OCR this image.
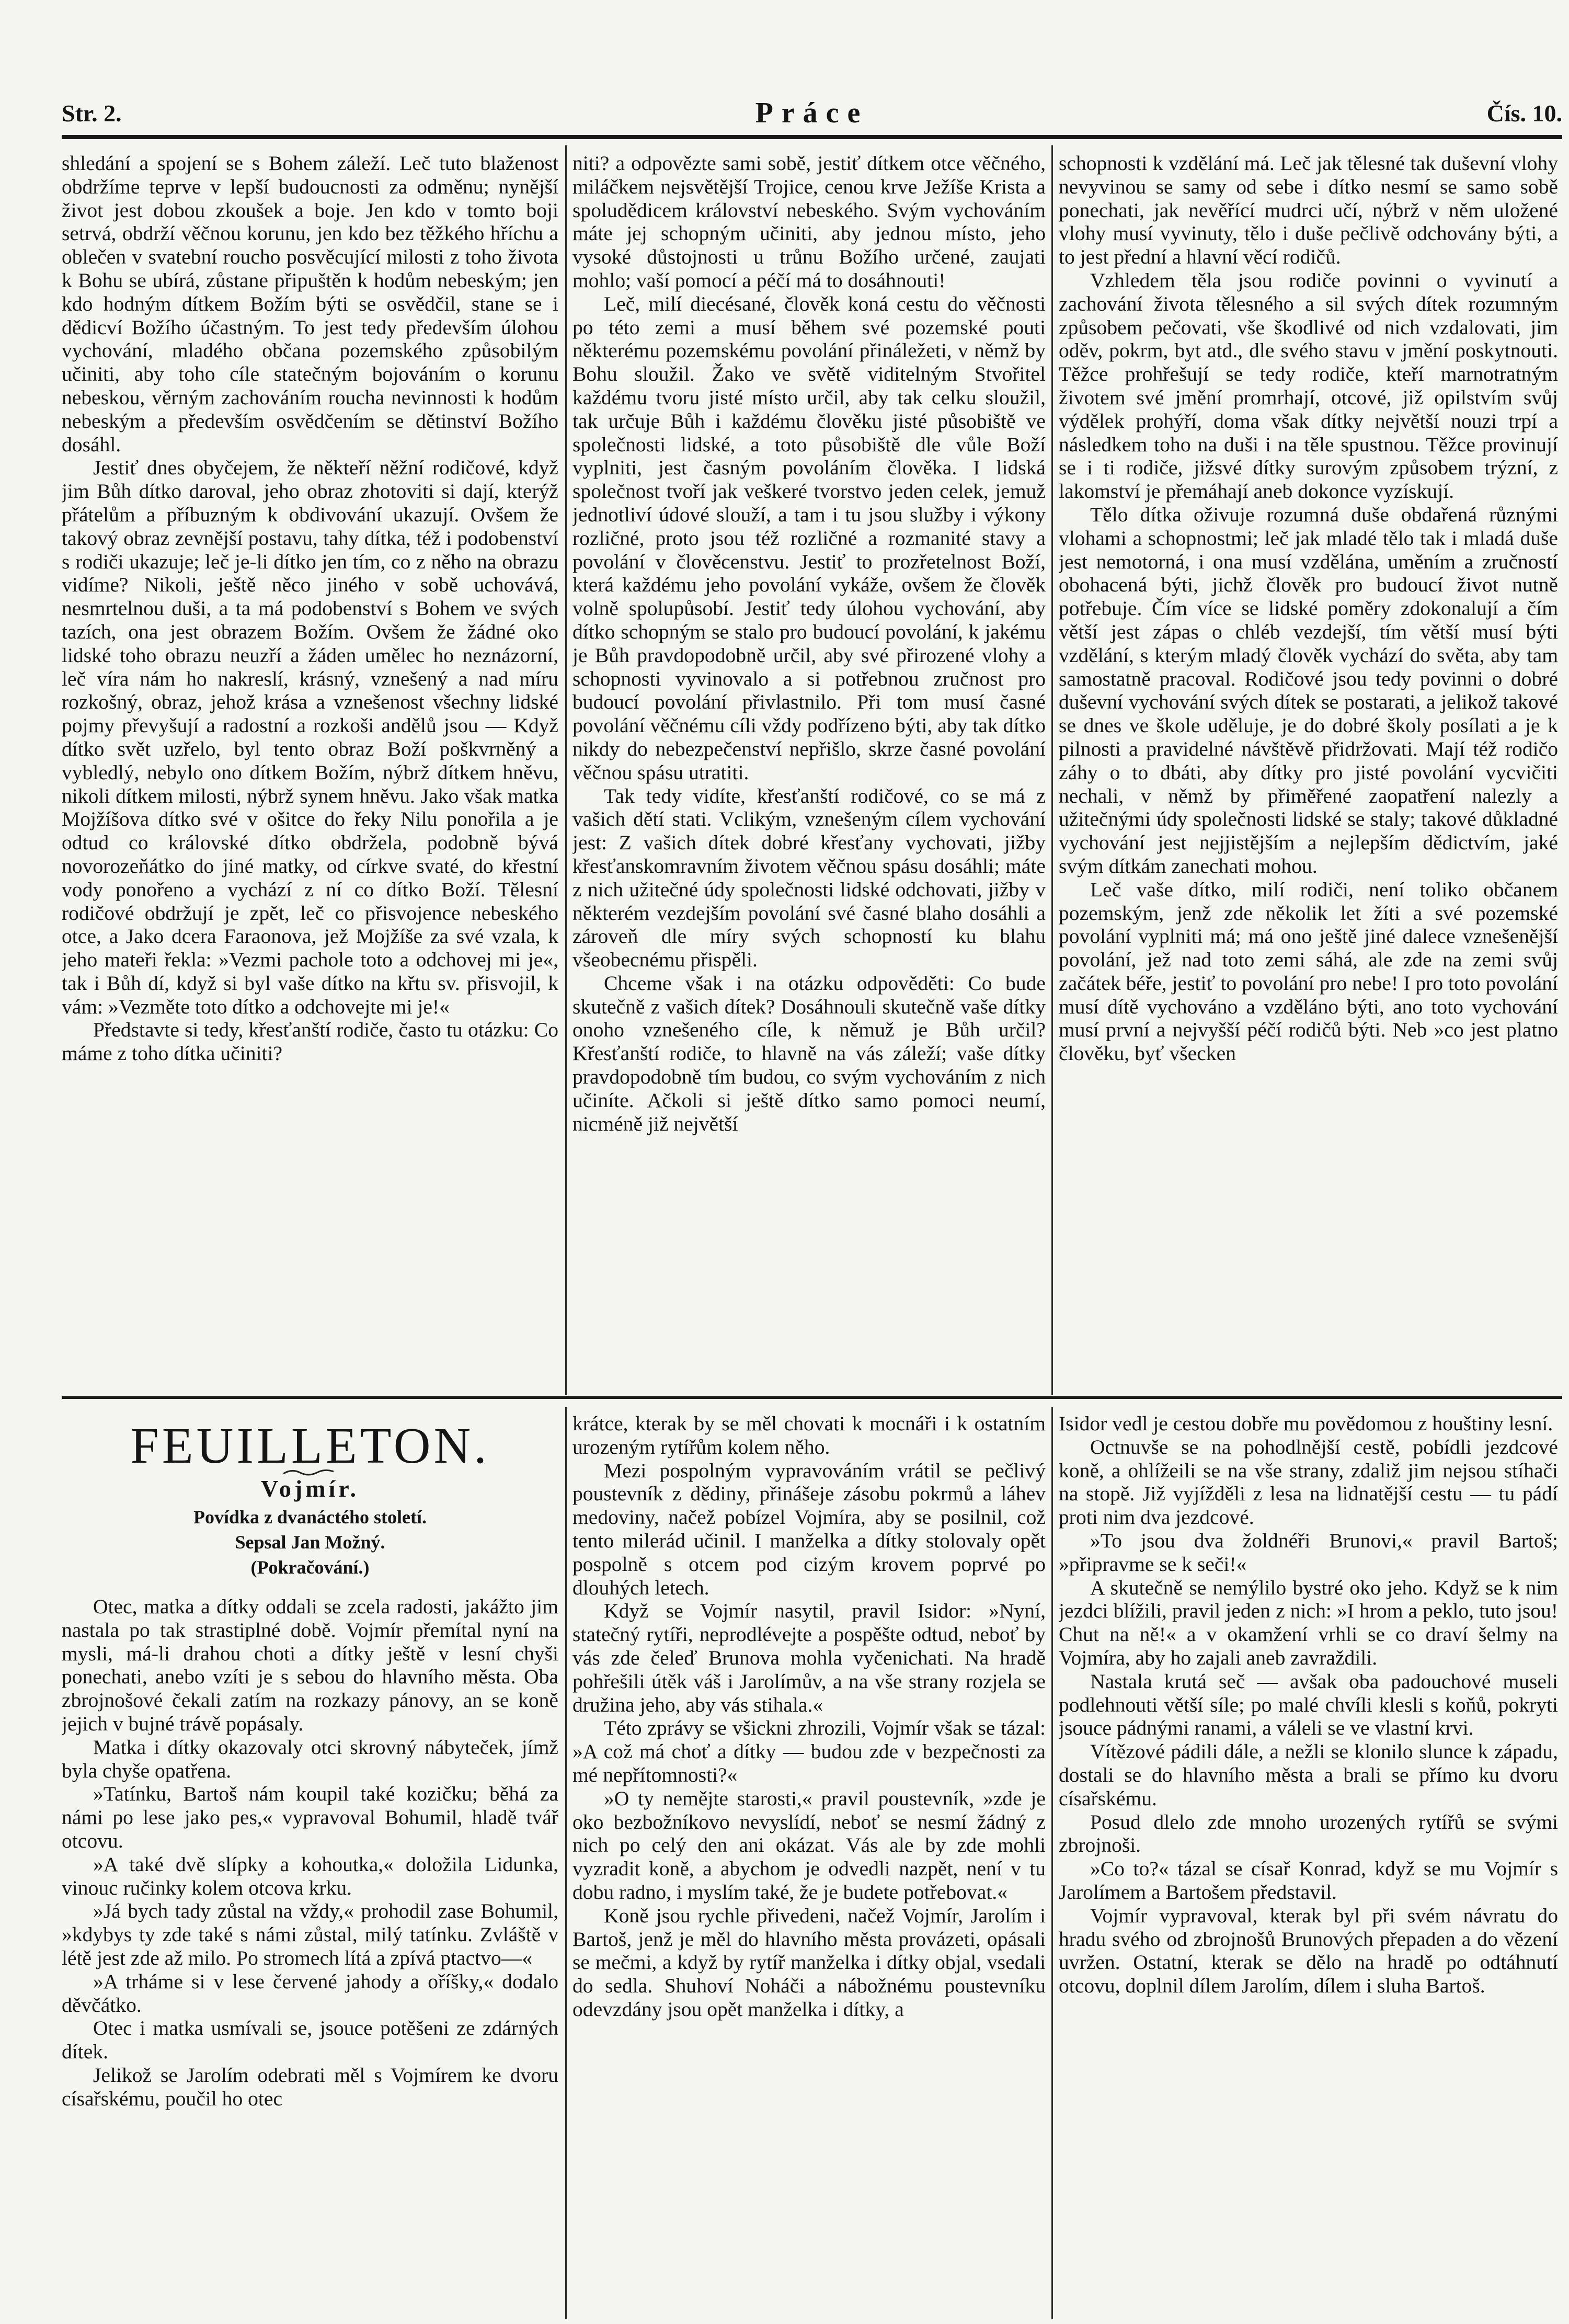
Str. 2.	Práce	Čís. 10.

shledání a spojení se s Bohem záleží. Leč tuto blaženost obdržíme teprve v lepší budoucnosti za odměnu; nynější život jest dobou zkoušek a boje. Jen kdo v tomto boji setrvá, obdrží věčnou korunu, jen kdo bez těžkého hříchu a oblečen v svatební roucho posvěcující milosti z toho života k Bohu se ubírá, zůstane připuštěn k hodům nebeským; jen kdo hodným dítkem Božím býti se osvědčil, stane se i dědicví Božího účastným. To jest tedy především úlohou vychování, mladého občana pozemského způsobilým učiniti, aby toho cíle statečným bojováním o korunu nebeskou, věrným zachováním roucha nevinnosti k hodům nebeským a především osvědčením se dětinství Božího dosáhl.

Jestiť dnes obyčejem, že někteří něžní rodičové, když jim Bůh dítko daroval, jeho obraz zhotoviti si dají, kterýž přátelům a příbuzným k obdivování ukazují. Ovšem že takový obraz zevnější postavu, tahy dítka, též i podobenství s rodiči ukazuje; leč je-li dítko jen tím, co z něho na obrazu vidíme? Nikoli, ještě něco jiného v sobě uchovává, nesmrtelnou duši, a ta má podobenství s Bohem ve svých tazích, ona jest obrazem Božím. Ovšem že žádné oko lidské toho obrazu neuzří a žáden umělec ho neznázorní, leč víra nám ho nakreslí, krásný, vznešený a nad míru rozkošný, obraz, jehož krása a vznešenost všechny lidské pojmy převyšují a radostní a rozkoši andělů jsou — Když dítko svět uzřelo, byl tento obraz Boží poškvrněný a vybledlý, nebylo ono dítkem Božím, nýbrž dítkem hněvu, nikoli dítkem milosti, nýbrž synem hněvu. Jako však matka Mojžíšova dítko své v ošitce do řeky Nilu ponořila a je odtud co královské dítko obdržela, podobně bývá novorozeňátko do jiné matky, od církve svaté, do křestní vody ponořeno a vychází z ní co dítko Boží. Tělesní rodičové obdržují je zpět, leč co přisvojence nebeského otce, a Jako dcera Faraonova, jež Mojžíše za své vzala, k jeho mateři řekla: »Vezmi pachole toto a odchovej mi je«, tak i Bůh dí, když si byl vaše dítko na křtu sv. přisvojil, k vám: »Vezměte toto dítko a odchovejte mi je!«

Představte si tedy, křesťanští rodiče, často tu otázku: Co máme z toho dítka učiniti?

niti? a odpovězte sami sobě, jestiť dítkem otce věčného, miláčkem nejsvětější Trojice, cenou krve Ježíše Krista a spoludědicem království nebeského. Svým vychováním máte jej schopným učiniti, aby jednou místo, jeho vysoké důstojnosti u trůnu Božího určené, zaujati mohlo; vaší pomocí a péčí má to dosáhnouti!

Leč, milí diecésané, člověk koná cestu do věčnosti po této zemi a musí během své pozemské pouti některému pozemskému povolání přináležeti, v němž by Bohu sloužil. Žako ve světě viditelným Stvořitel každému tvoru jisté místo určil, aby tak celku sloužil, tak určuje Bůh i každému člověku jisté působiště ve společnosti lidské, a toto působiště dle vůle Boží vyplniti, jest časným povoláním člověka. I lidská společnost tvoří jak veškeré tvorstvo jeden celek, jemuž jednotliví údové slouží, a tam i tu jsou služby i výkony rozličné, proto jsou též rozličné a rozmanité stavy a povolání v člověcenstvu. Jestiť to prozřetelnost Boží, která každému jeho povolání vykáže, ovšem že člověk volně spolupůsobí. Jestiť tedy úlohou vychování, aby dítko schopným se stalo pro budoucí povolání, k jakému je Bůh pravdopodobně určil, aby své přirozené vlohy a schopnosti vyvinovalo a si potřebnou zručnost pro budoucí povolání přivlastnilo. Při tom musí časné povolání věčnému cíli vždy podřízeno býti, aby tak dítko nikdy do nebezpečenství nepřišlo, skrze časné povolání věčnou spásu utratiti.

Tak tedy vidíte, křesťanští rodičové, co se má z vašich dětí stati. Vclikým, vznešeným cílem vychování jest: Z vašich dítek dobré křesťany vychovati, jižby křesťanskomravním životem věčnou spásu dosáhli; máte z nich užitečné údy společnosti lidské odchovati, jižby v některém vezdejším povolání své časné blaho dosáhli a zároveň dle míry svých schopností ku blahu všeobecnému přispěli.

Chceme však i na otázku odpověděti: Co bude skutečně z vašich dítek? Dosáhnouli skutečně vaše dítky onoho vznešeného cíle, k němuž je Bůh určil? Křesťanští rodiče, to hlavně na vás záleží; vaše dítky pravdopodobně tím budou, co svým vychováním z nich učiníte. Ačkoli si ještě dítko samo pomoci neumí, nicméně již největší

schopnosti k vzdělání má. Leč jak tělesné tak duševní vlohy nevyvinou se samy od sebe i dítko nesmí se samo sobě ponechati, jak nevěřící mudrci učí, nýbrž v něm uložené vlohy musí vyvinuty, tělo i duše pečlivě odchovány býti, a to jest přední a hlavní věcí rodičů.

Vzhledem těla jsou rodiče povinni o vyvinutí a zachování života tělesného a sil svých dítek rozumným způsobem pečovati, vše škodlivé od nich vzdalovati, jim oděv, pokrm, byt atd., dle svého stavu v jmění poskytnouti. Těžce prohřešují se tedy rodiče, kteří marnotratným životem své jmění promrhají, otcové, již opilstvím svůj výdělek prohýří, doma však dítky největší nouzi trpí a následkem toho na duši i na těle spustnou. Těžce provinují se i ti rodiče, jižsvé dítky surovým způsobem trýzní, z lakomství je přemáhají aneb dokonce vyzískují.

Tělo dítka oživuje rozumná duše obdařená různými vlohami a schopnostmi; leč jak mladé tělo tak i mladá duše jest nemotorná, i ona musí vzdělána, uměním a zručností obohacená býti, jichž člověk pro budoucí život nutně potřebuje. Čím více se lidské poměry zdokonalují a čím větší jest zápas o chléb vezdejší, tím větší musí býti vzdělání, s kterým mladý člověk vychází do světa, aby tam samostatně pracoval. Rodičové jsou tedy povinni o dobré duševní vychování svých dítek se postarati, a jelikož takové se dnes ve škole uděluje, je do dobré školy posílati a je k pilnosti a pravidelné návštěvě přidržovati. Mají též rodičo záhy o to dbáti, aby dítky pro jisté povolání vycvičiti nechali, v němž by přiměřené zaopatření nalezly a užitečnými údy společnosti lidské se staly; takové důkladné vychování jest nejjistějším a nejlepším dědictvím, jaké svým dítkám zanechati mohou.

Leč vaše dítko, milí rodiči, není toliko občanem pozemským, jenž zde několik let žíti a své pozemské povolání vyplniti má; má ono ještě jiné dalece vznešenější povolání, jež nad toto zemi sáhá, ale zde na zemi svůj začátek béře, jestiť to povolání pro nebe! I pro toto povolání musí dítě vychováno a vzděláno býti, ano toto vychování musí první a nejvyšší péčí rodičů býti. Neb »co jest platno člověku, byť všecken

FEUILLETON.
Vojmír.
Povídka z dvanáctého století.
Sepsal Jan Možný.
(Pokračování.)

Otec, matka a dítky oddali se zcela radosti, jakážto jim nastala po tak strastiplné době. Vojmír přemítal nyní na mysli, má-li drahou choti a dítky ještě v lesní chyši ponechati, anebo vzíti je s sebou do hlavního města. Oba zbrojnošové čekali zatím na rozkazy pánovy, an se koně jejich v bujné trávě popásaly.

Matka i dítky okazovaly otci skrovný nábyteček, jímž byla chyše opatřena.

»Tatínku, Bartoš nám koupil také kozičku; běhá za námi po lese jako pes,« vypravoval Bohumil, hladě tvář otcovu.

»A také dvě slípky a kohoutka,« doložila Lidunka, vinouc ručinky kolem otcova krku.

»Já bych tady zůstal na vždy,« prohodil zase Bohumil, »kdybys ty zde také s námi zůstal, milý tatínku. Zvláště v létě jest zde až milo. Po stromech lítá a zpívá ptactvo—«

»A trháme si v lese červené jahody a oříšky,« dodalo děvčátko.

Otec i matka usmívali se, jsouce potěšeni ze zdárných dítek.

Jelikož se Jarolím odebrati měl s Vojmírem ke dvoru císařskému, poučil ho otec

krátce, kterak by se měl chovati k mocnáři i k ostatním urozeným rytířům kolem něho.

Mezi pospolným vypravováním vrátil se pečlivý poustevník z dědiny, přinášeje zásobu pokrmů a láhev medoviny, načež pobízel Vojmíra, aby se posilnil, což tento milerád učinil. I manželka a dítky stolovaly opět pospolně s otcem pod cizým krovem poprvé po dlouhých letech.

Když se Vojmír nasytil, pravil Isidor: »Nyní, statečný rytíři, neprodlévejte a pospěšte odtud, neboť by vás zde čeleď Brunova mohla vyčenichati. Na hradě pohřešili útěk váš i Jarolímův, a na vše strany rozjela se družina jeho, aby vás stihala.«

Této zprávy se všickni zhrozili, Vojmír však se tázal: »A což má choť a dítky — budou zde v bezpečnosti za mé nepřítomnosti?«

»O ty nemějte starosti,« pravil poustevník, »zde je oko bezbožníkovo nevyslídí, neboť se nesmí žádný z nich po celý den ani okázat. Vás ale by zde mohli vyzradit koně, a abychom je odvedli nazpět, není v tu dobu radno, i myslím také, že je budete potřebovat.«

Koně jsou rychle přivedeni, načež Vojmír, Jarolím i Bartoš, jenž je měl do hlavního města provázeti, opásali se mečmi, a když by rytíř manželka i dítky objal, vsedali do sedla. Shuhoví Noháči a nábožnému poustevníku odevzdány jsou opět manželka i dítky, a

Isidor vedl je cestou dobře mu povědomou z houštiny lesní.

Octnuvše se na pohodlnější cestě, pobídli jezdcové koně, a ohlížeili se na vše strany, zdaliž jim nejsou stíhači na stopě. Již vyjížděli z lesa na lidnatější cestu — tu pádí proti nim dva jezdcové.

»To jsou dva žoldnéři Brunovi,« pravil Bartoš; »připravme se k seči!«

A skutečně se nemýlilo bystré oko jeho. Když se k nim jezdci blížili, pravil jeden z nich: »I hrom a peklo, tuto jsou! Chut na ně!« a v okamžení vrhli se co draví šelmy na Vojmíra, aby ho zajali aneb zavraždili.

Nastala krutá seč — avšak oba padouchové museli podlehnouti větší síle; po malé chvíli klesli s koňů, pokryti jsouce pádnými ranami, a váleli se ve vlastní krvi.

Vítězové pádili dále, a nežli se klonilo slunce k západu, dostali se do hlavního města a brali se přímo ku dvoru císařskému.

Posud dlelo zde mnoho urozených rytířů se svými zbrojnoši.

»Co to?« tázal se císař Konrad, když se mu Vojmír s Jarolímem a Bartošem představil.

Vojmír vypravoval, kterak byl při svém návratu do hradu svého od zbrojnošů Brunových přepaden a do vězení uvržen. Ostatní, kterak se dělo na hradě po odtáhnutí otcovu, doplnil dílem Jarolím, dílem i sluha Bartoš.
